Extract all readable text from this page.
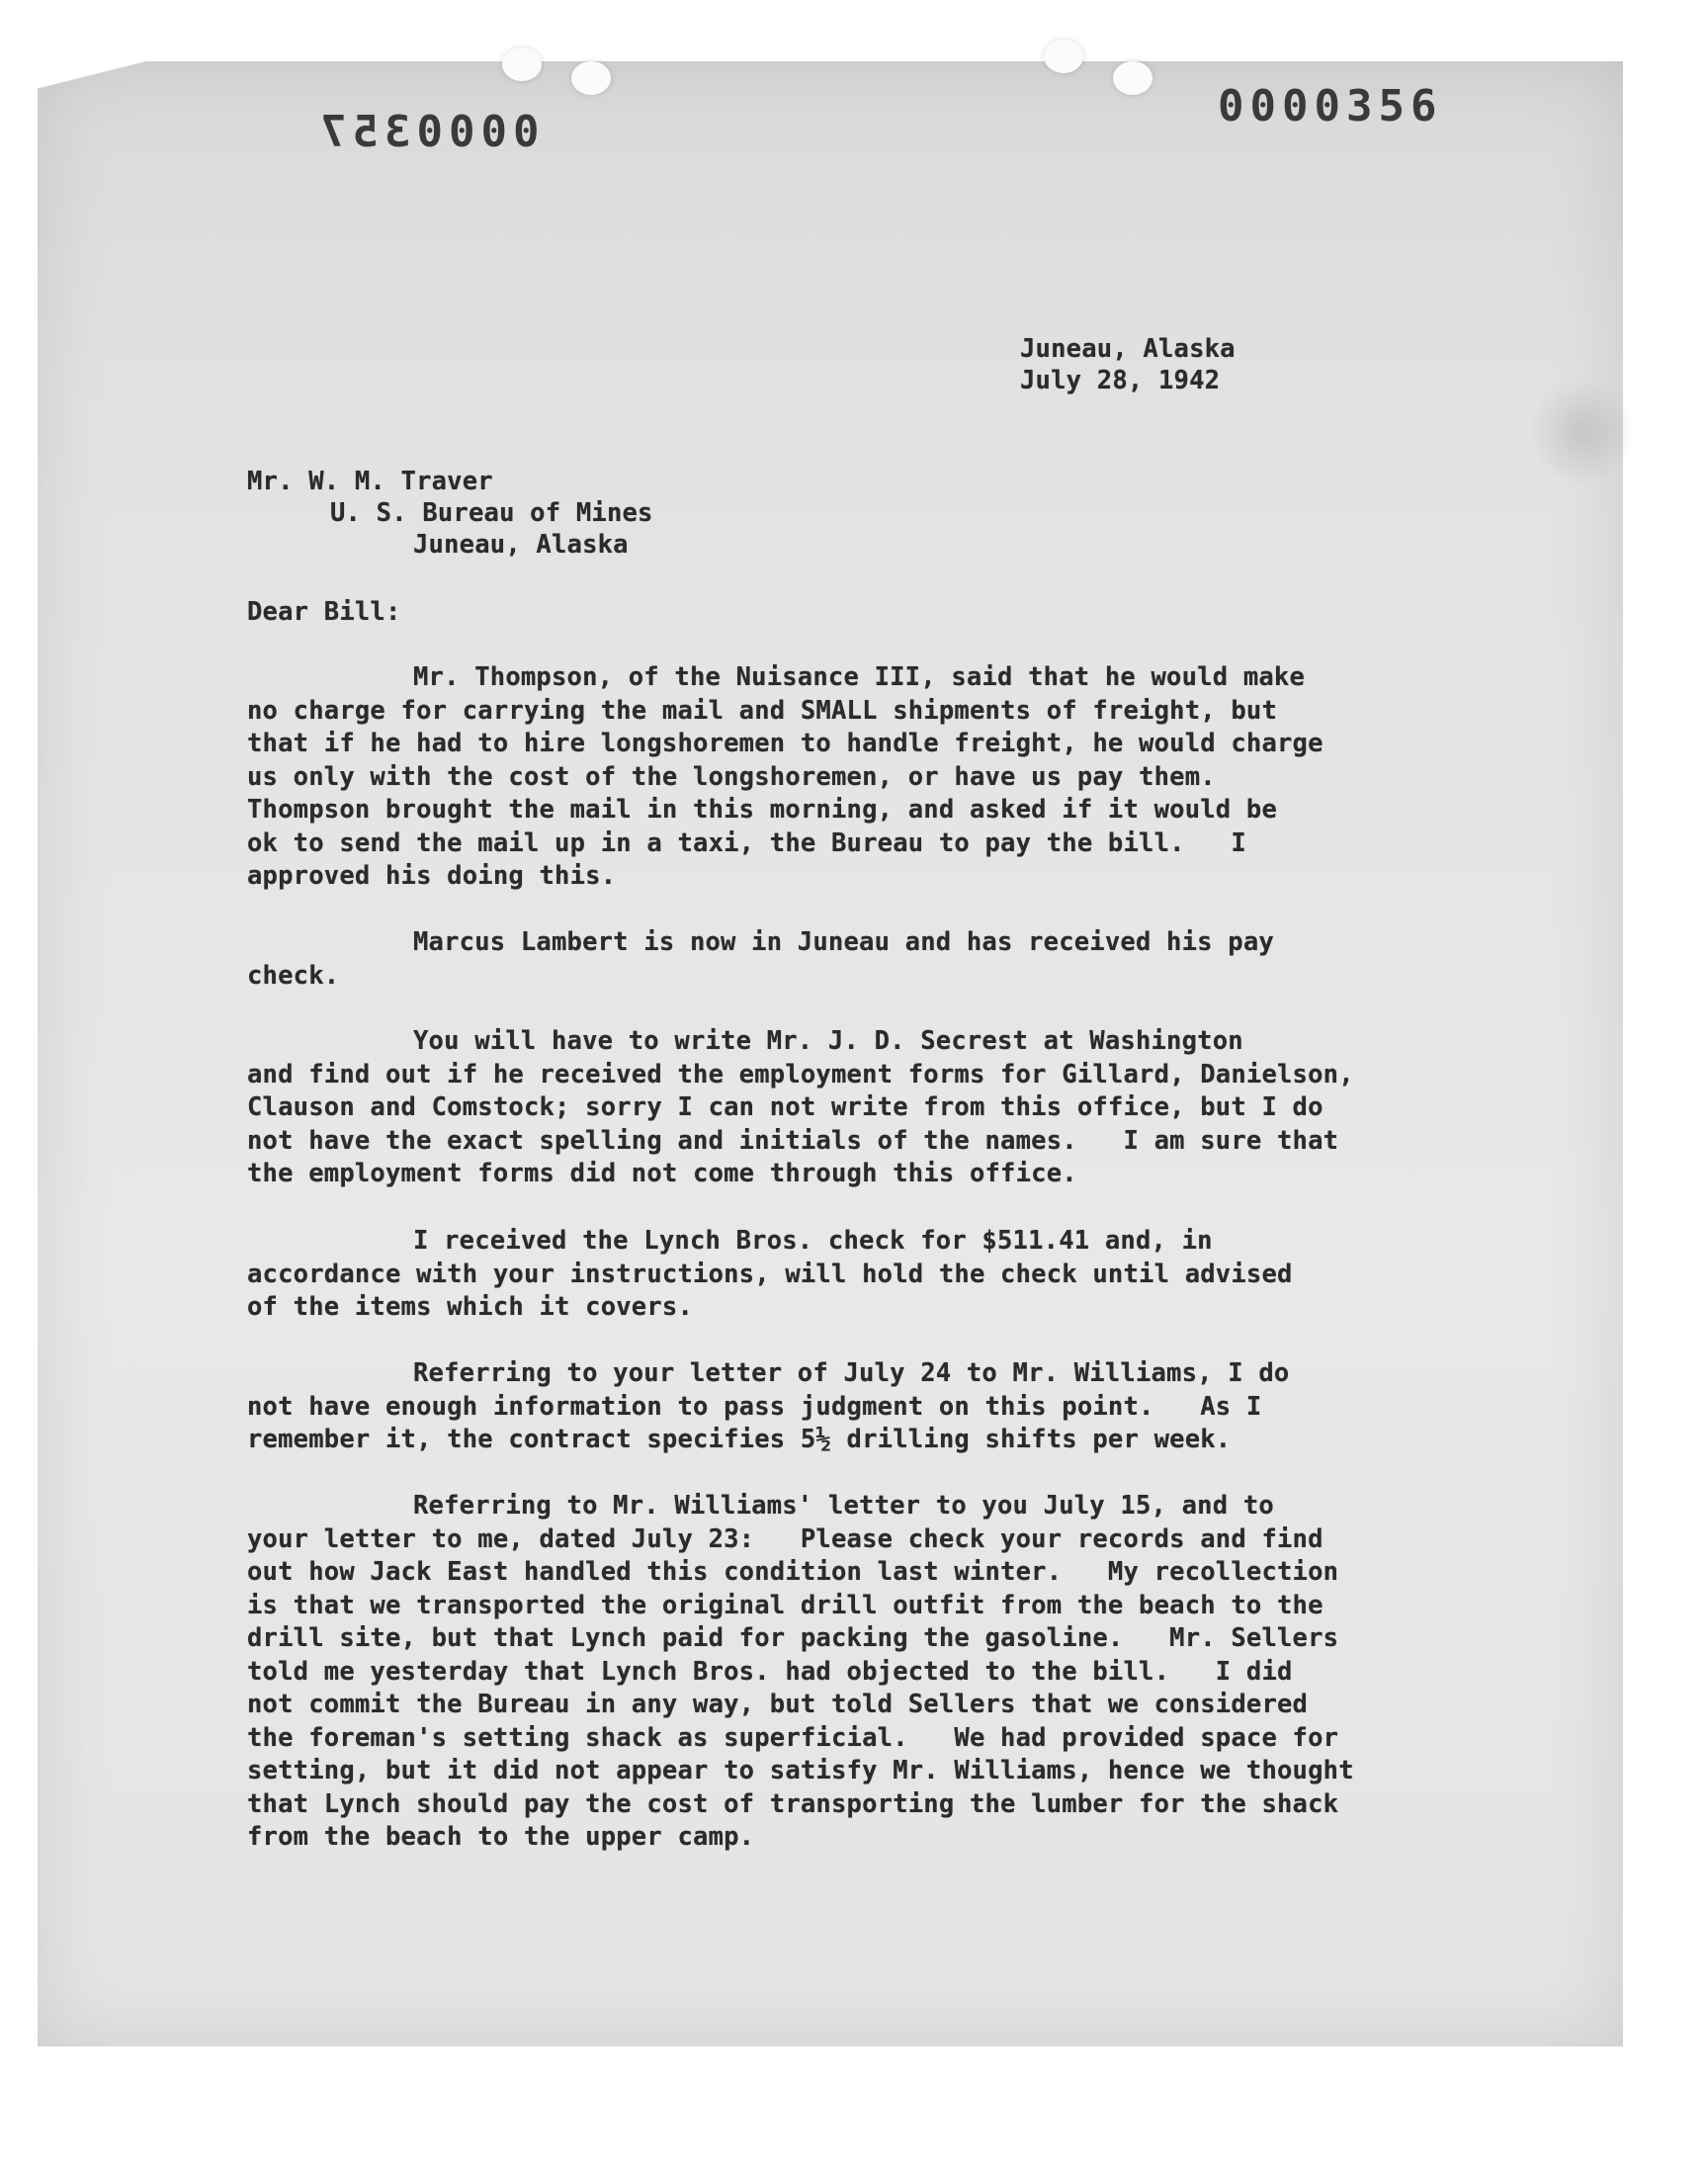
0000357
0000356
Juneau, Alaska
July 28, 1942
Mr. W. M. Traver
U. S. Bureau of Mines
Juneau, Alaska
Dear Bill:
Mr. Thompson, of the Nuisance III, said that he would make
no charge for carrying the mail and SMALL shipments of freight, but
that if he had to hire longshoremen to handle freight, he would charge
us only with the cost of the longshoremen, or have us pay them.
Thompson brought the mail in this morning, and asked if it would be
ok to send the mail up in a taxi, the Bureau to pay the bill.   I
approved his doing this.
Marcus Lambert is now in Juneau and has received his pay
check.
You will have to write Mr. J. D. Secrest at Washington
and find out if he received the employment forms for Gillard, Danielson,
Clauson and Comstock; sorry I can not write from this office, but I do
not have the exact spelling and initials of the names.   I am sure that
the employment forms did not come through this office.
I received the Lynch Bros. check for $511.41 and, in
accordance with your instructions, will hold the check until advised
of the items which it covers.
Referring to your letter of July 24 to Mr. Williams, I do
not have enough information to pass judgment on this point.   As I
remember it, the contract specifies 5½ drilling shifts per week.
Referring to Mr. Williams' letter to you July 15, and to
your letter to me, dated July 23:   Please check your records and find
out how Jack East handled this condition last winter.   My recollection
is that we transported the original drill outfit from the beach to the
drill site, but that Lynch paid for packing the gasoline.   Mr. Sellers
told me yesterday that Lynch Bros. had objected to the bill.   I did
not commit the Bureau in any way, but told Sellers that we considered
the foreman's setting shack as superficial.   We had provided space for
setting, but it did not appear to satisfy Mr. Williams, hence we thought
that Lynch should pay the cost of transporting the lumber for the shack
from the beach to the upper camp.
